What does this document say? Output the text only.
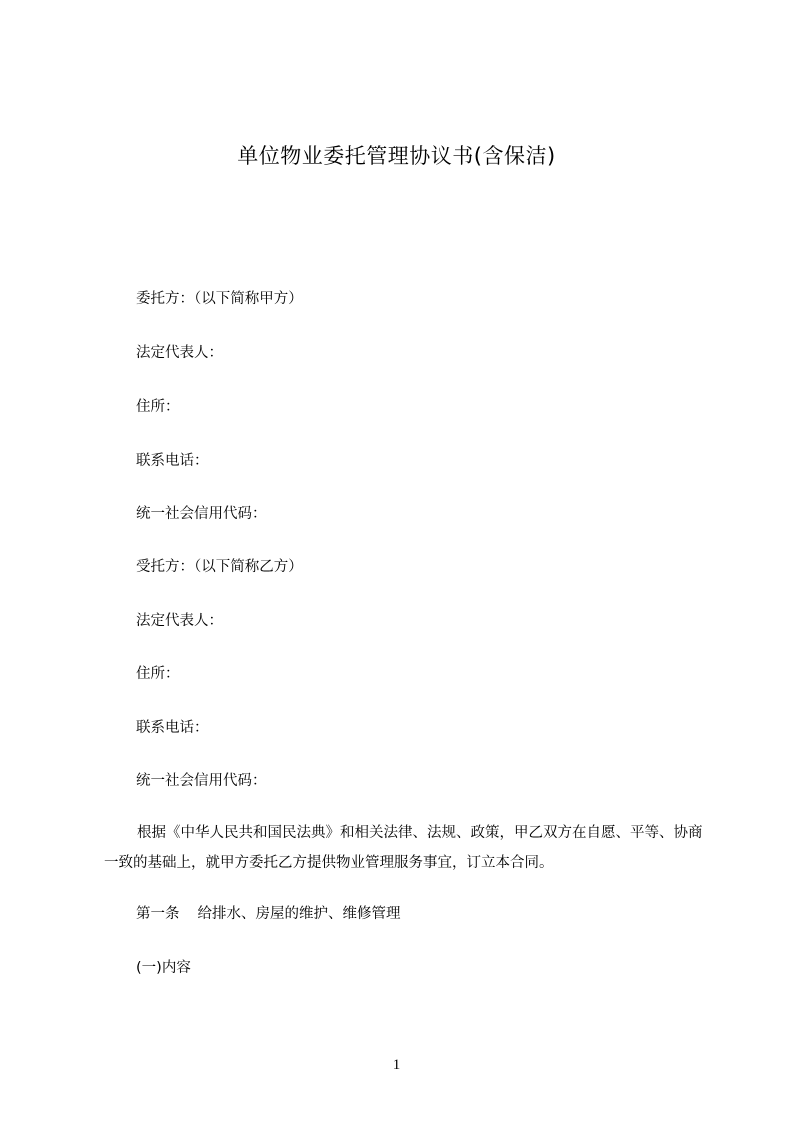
单位物业委托管理协议书(含保洁)
委托方：（以下简称甲方）
法定代表人：
住所：
联系电话：
统一社会信用代码：
受托方：（以下简称乙方）
法定代表人：
住所：
联系电话：
统一社会信用代码：
根据《中华人民共和国民法典》和相关法律、法规、政策，甲乙双方在自愿、平等、协商一致的基础上，就甲方委托乙方提供物业管理服务事宜，订立本合同。
第一条 给排水、房屋的维护、维修管理
(一)内容
1
